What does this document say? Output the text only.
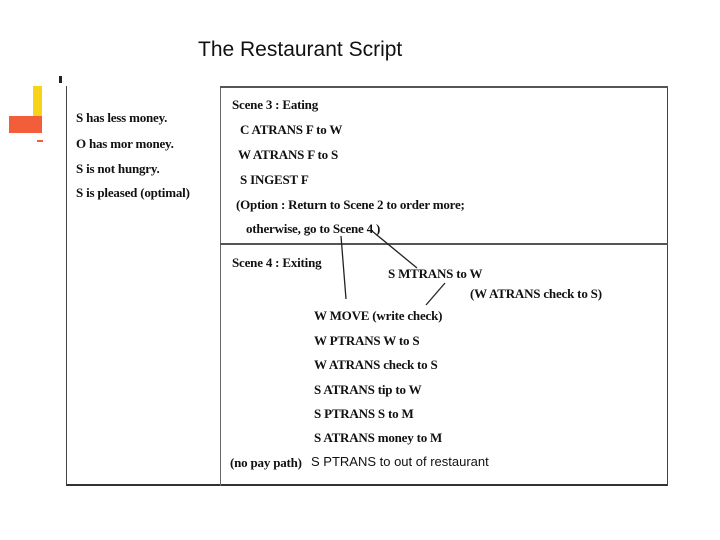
The Restaurant Script
S has less money.
O has mor money.
S is not hungry.
S is pleased (optimal)
Scene 3 : Eating
C ATRANS F to W
W ATRANS F to S
S INGEST F
(Option : Return to Scene 2 to order more;
otherwise, go to Scene 4 )
Scene 4 : Exiting
S MTRANS to W
(W ATRANS check to S)
W MOVE (write check)
W PTRANS W to S
W ATRANS check to S
S ATRANS tip to W
S PTRANS S to M
S ATRANS money to M
(no pay path) S PTRANS to out of restaurant
